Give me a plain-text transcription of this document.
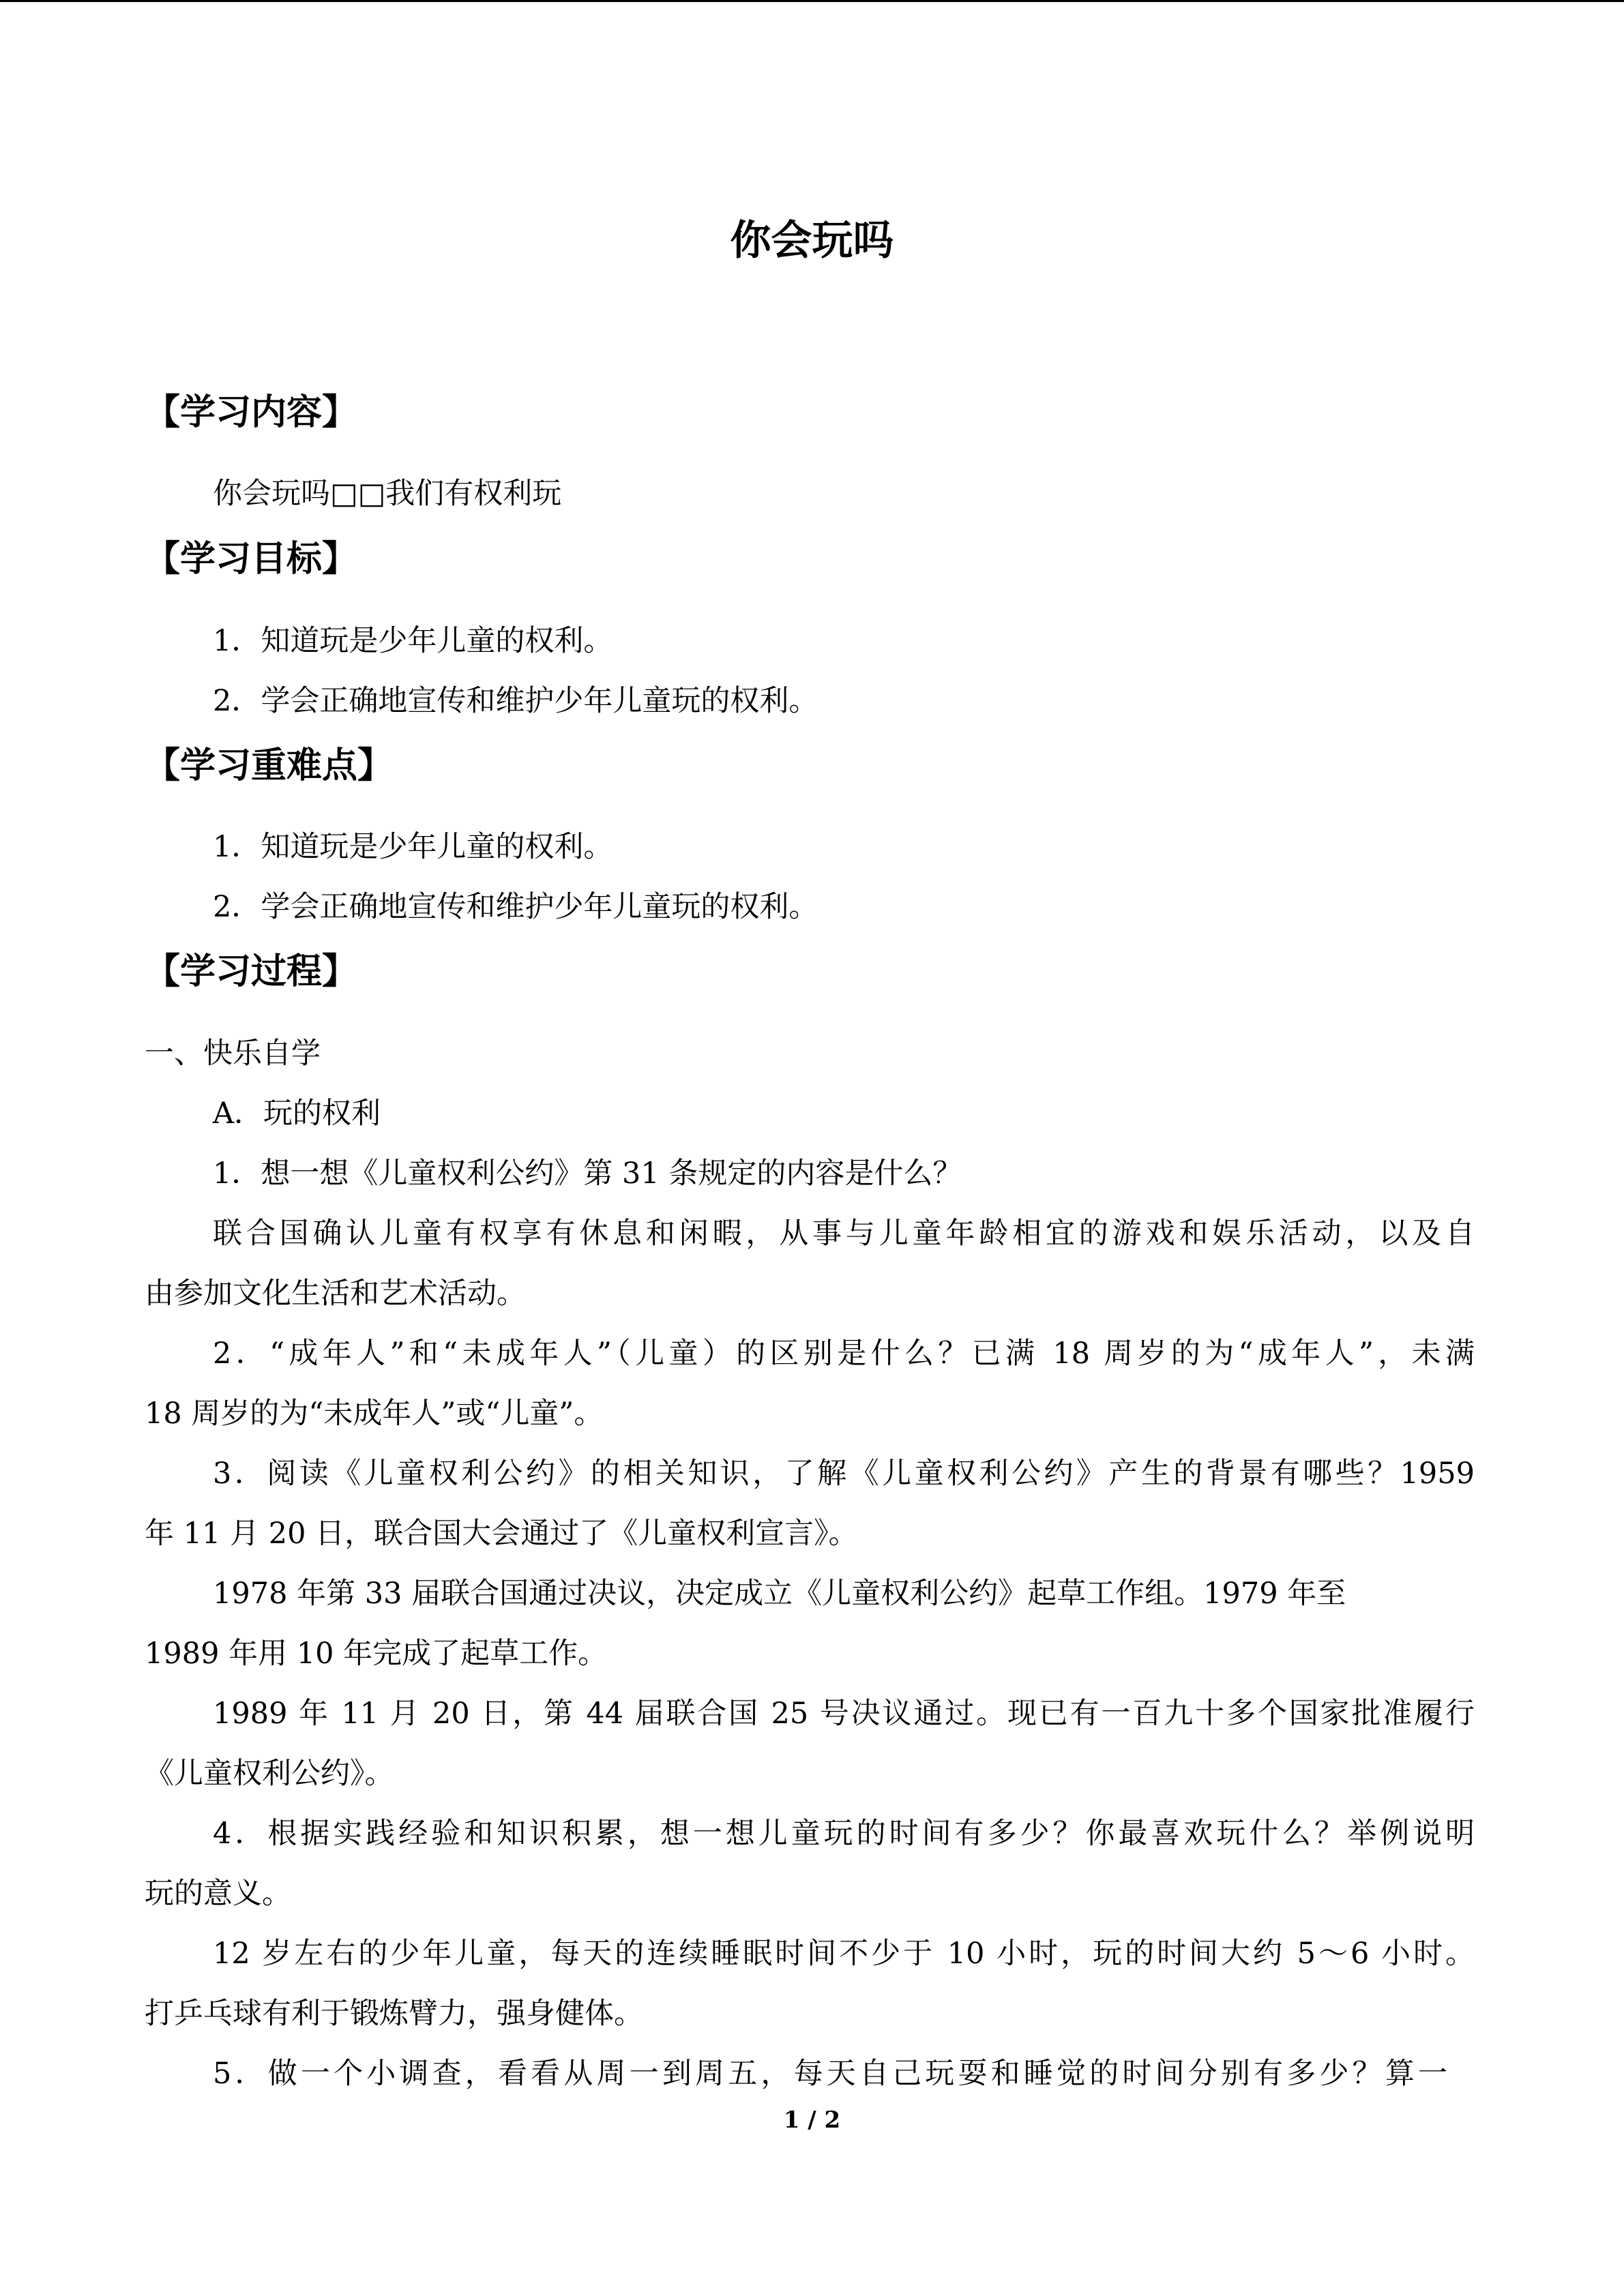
你会玩吗
【学习内容】
你会玩吗□□我们有权利玩
【学习目标】
1．知道玩是少年儿童的权利。
2．学会正确地宣传和维护少年儿童玩的权利。
【学习重难点】
1．知道玩是少年儿童的权利。
2．学会正确地宣传和维护少年儿童玩的权利。
【学习过程】
一、快乐自学
A．玩的权利
1．想一想《儿童权利公约》第 31 条规定的内容是什么？
联合国确认儿童有权享有休息和闲暇，从事与儿童年龄相宜的游戏和娱乐活动，以及自
由参加文化生活和艺术活动。
2．“成年人”和“未成年人”（儿童）的区别是什么？已满 18 周岁的为“成年人”，未满
18 周岁的为“未成年人”或“儿童”。
3．阅读《儿童权利公约》的相关知识，了解《儿童权利公约》产生的背景有哪些？1959
年 11 月 20 日，联合国大会通过了《儿童权利宣言》。
1978 年第 33 届联合国通过决议，决定成立《儿童权利公约》起草工作组。1979 年至
1989 年用 10 年完成了起草工作。
1989 年 11 月 20 日，第 44 届联合国 25 号决议通过。现已有一百九十多个国家批准履行
《儿童权利公约》。
4．根据实践经验和知识积累，想一想儿童玩的时间有多少？你最喜欢玩什么？举例说明
玩的意义。
12 岁左右的少年儿童，每天的连续睡眠时间不少于 10 小时，玩的时间大约 5～6 小时。
打乒乓球有利于锻炼臂力，强身健体。
5．做一个小调查，看看从周一到周五，每天自己玩耍和睡觉的时间分别有多少？算一
1 / 2
